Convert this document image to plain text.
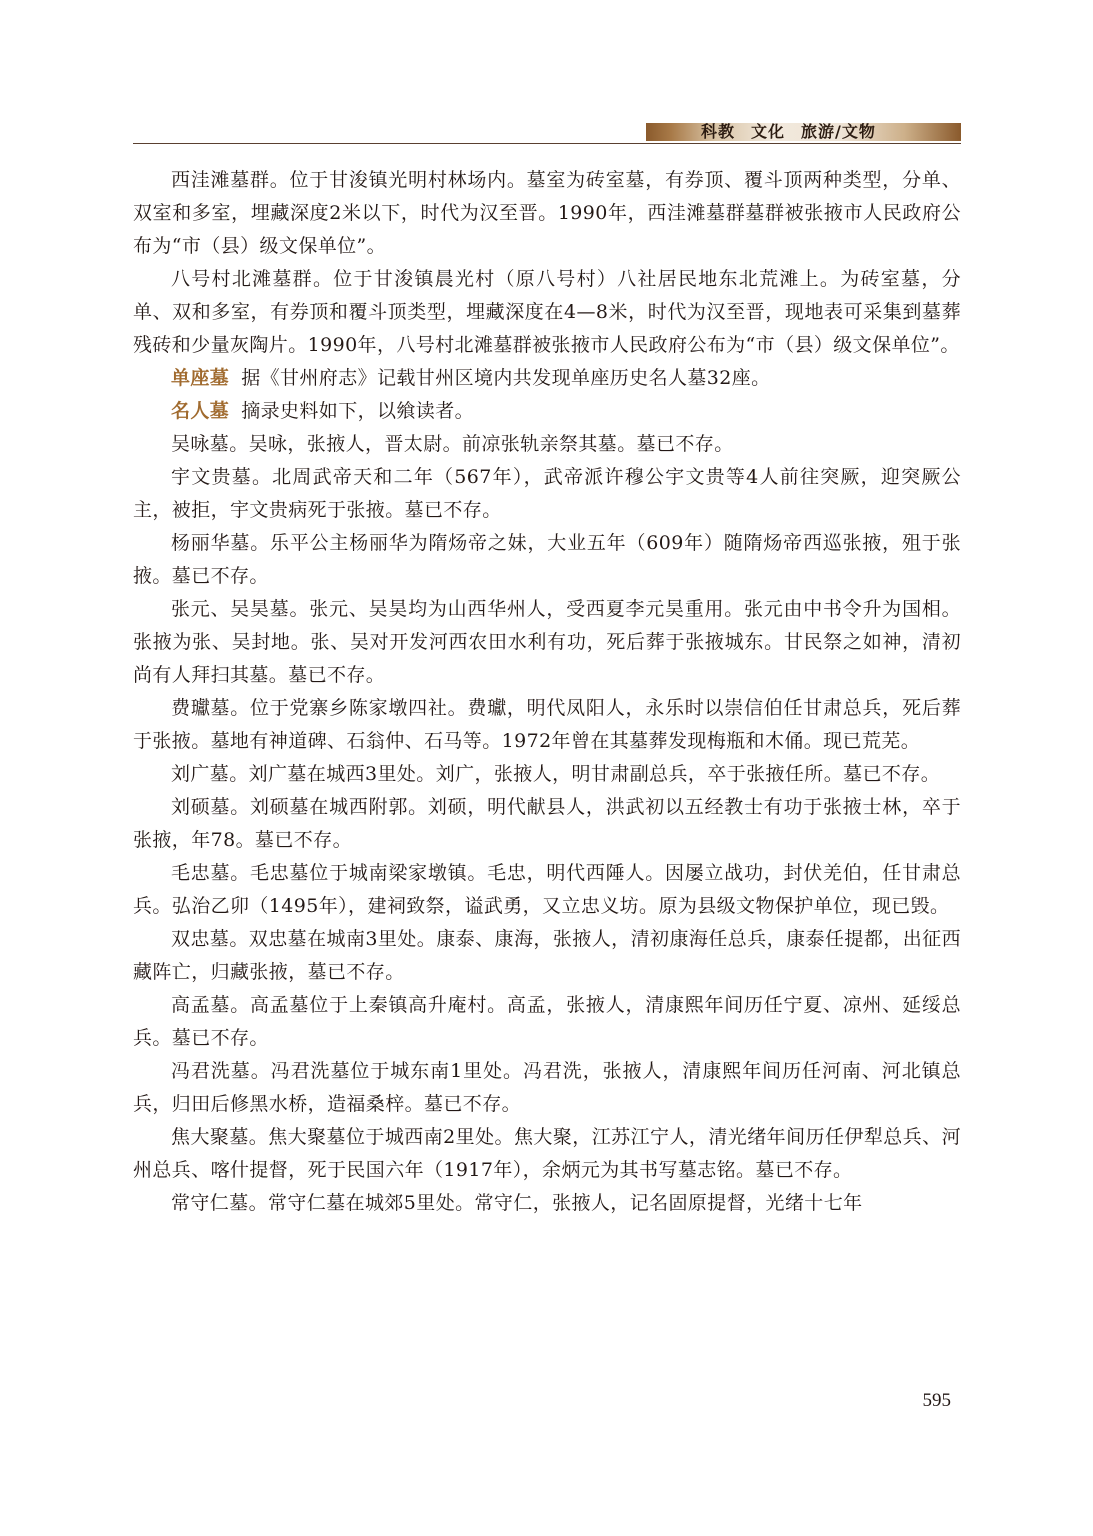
科教 文化 旅游/文物

西洼滩墓群。位于甘浚镇光明村林场内。墓室为砖室墓，有券顶、覆斗顶两种类型，分单、双室和多室，埋藏深度2米以下，时代为汉至晋。1990年，西洼滩墓群墓群被张掖市人民政府公布为“市（县）级文保单位”。

八号村北滩墓群。位于甘浚镇晨光村（原八号村）八社居民地东北荒滩上。为砖室墓，分单、双和多室，有券顶和覆斗顶类型，埋藏深度在4—8米，时代为汉至晋，现地表可采集到墓葬残砖和少量灰陶片。1990年，八号村北滩墓群被张掖市人民政府公布为“市（县）级文保单位”。

单座墓 据《甘州府志》记载甘州区境内共发现单座历史名人墓32座。

名人墓 摘录史料如下，以飨读者。

吴咏墓。吴咏，张掖人，晋太尉。前凉张轨亲祭其墓。墓已不存。

宇文贵墓。北周武帝天和二年（567年），武帝派许穆公宇文贵等4人前往突厥，迎突厥公主，被拒，宇文贵病死于张掖。墓已不存。

杨丽华墓。乐平公主杨丽华为隋炀帝之妹，大业五年（609年）随隋炀帝西巡张掖，殂于张掖。墓已不存。

张元、吴昊墓。张元、吴昊均为山西华州人，受西夏李元昊重用。张元由中书令升为国相。张掖为张、吴封地。张、吴对开发河西农田水利有功，死后葬于张掖城东。甘民祭之如神，清初尚有人拜扫其墓。墓已不存。

费瓛墓。位于党寨乡陈家墩四社。费瓛，明代凤阳人，永乐时以崇信伯任甘肃总兵，死后葬于张掖。墓地有神道碑、石翁仲、石马等。1972年曾在其墓葬发现梅瓶和木俑。现已荒芜。

刘广墓。刘广墓在城西3里处。刘广，张掖人，明甘肃副总兵，卒于张掖任所。墓已不存。

刘硕墓。刘硕墓在城西附郭。刘硕，明代献县人，洪武初以五经教士有功于张掖士林，卒于张掖，年78。墓已不存。

毛忠墓。毛忠墓位于城南梁家墩镇。毛忠，明代西陲人。因屡立战功，封伏羌伯，任甘肃总兵。弘治乙卯（1495年），建祠致祭，谥武勇，又立忠义坊。原为县级文物保护单位，现已毁。

双忠墓。双忠墓在城南3里处。康泰、康海，张掖人，清初康海任总兵，康泰任提都，出征西藏阵亡，归藏张掖，墓已不存。

高孟墓。高孟墓位于上秦镇高升庵村。高孟，张掖人，清康熙年间历任宁夏、凉州、延绥总兵。墓已不存。

冯君洗墓。冯君洗墓位于城东南1里处。冯君洗，张掖人，清康熙年间历任河南、河北镇总兵，归田后修黑水桥，造福桑梓。墓已不存。

焦大聚墓。焦大聚墓位于城西南2里处。焦大聚，江苏江宁人，清光绪年间历任伊犁总兵、河州总兵、喀什提督，死于民国六年（1917年），余炳元为其书写墓志铭。墓已不存。

常守仁墓。常守仁墓在城郊5里处。常守仁，张掖人，记名固原提督，光绪十七年

595
